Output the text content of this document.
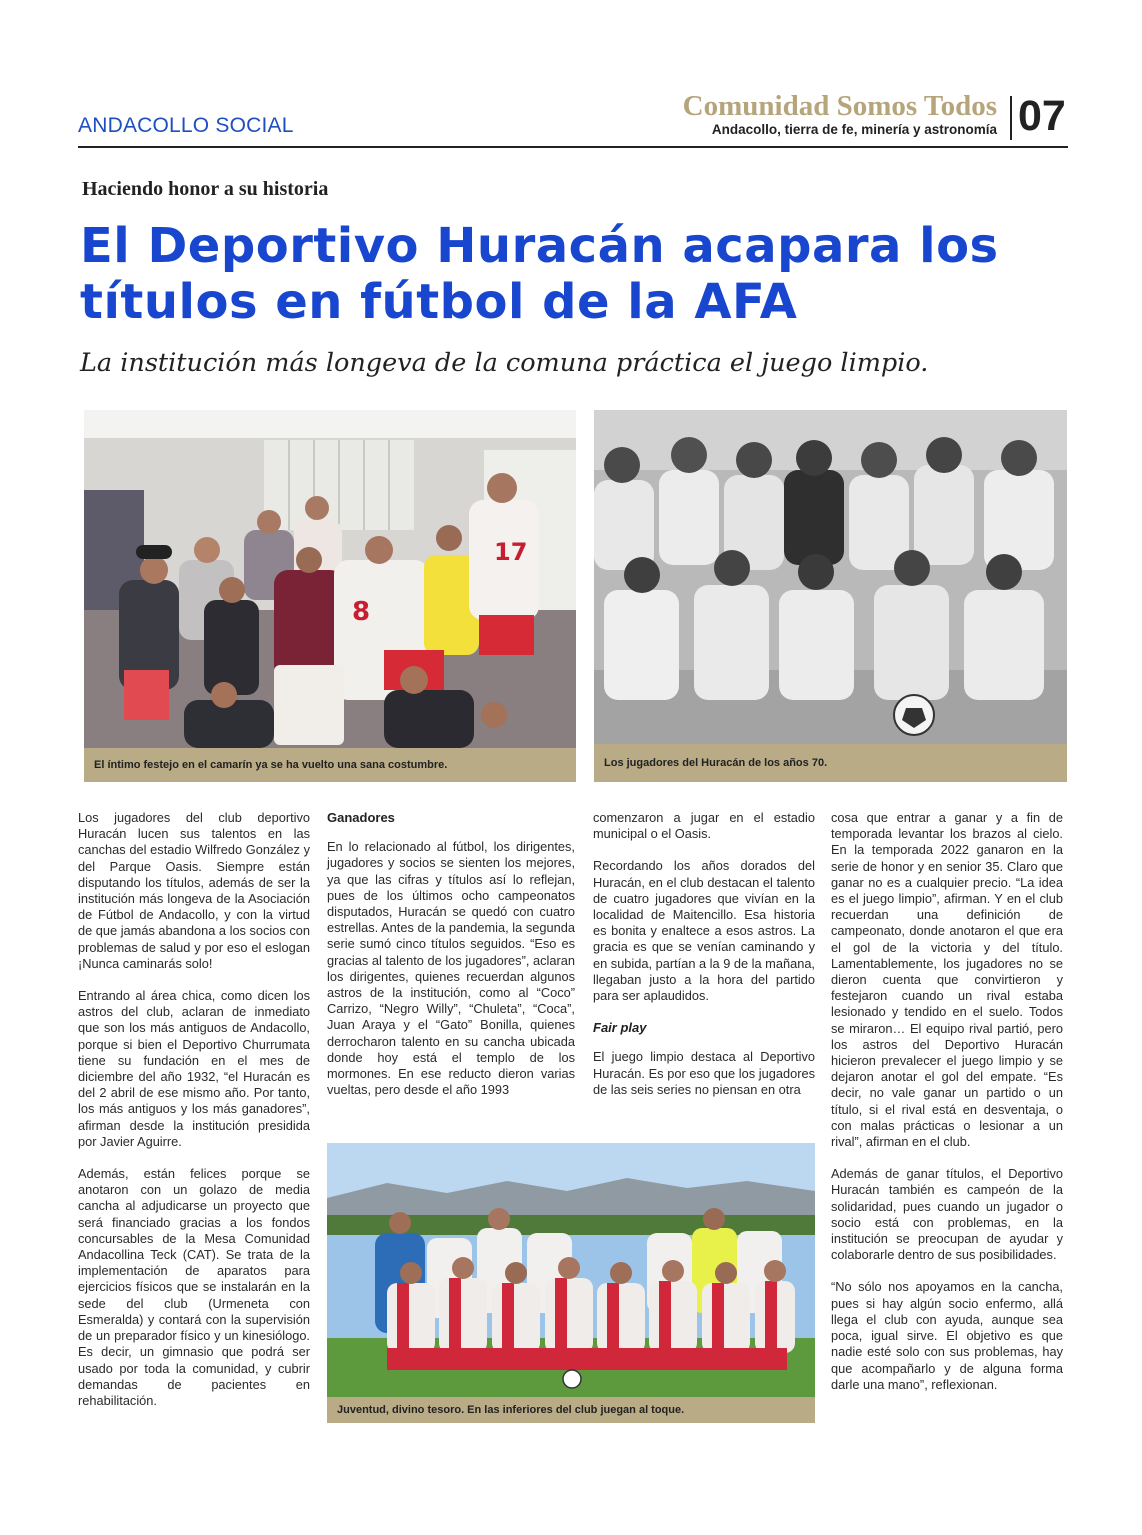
ANDACOLLO SOCIAL
Comunidad Somos Todos
Andacollo, tierra de fe, minería y astronomía 07
Haciendo honor a su historia
El Deportivo Huracán acapara los
títulos en fútbol de la AFA

La institución más longeva de la comuna práctica el juego limpio.

8
17
El íntimo festejo en el camarín ya se ha vuelto una sana costumbre.	Los jugadores del Huracán de los años 70.

Los jugadores del club deportivo Huracán lucen sus talentos en las canchas del estadio Wilfredo González y del Parque Oasis. Siempre están disputando los títulos, además de ser la institución más longeva de la Asociación de Fútbol de Andacollo, y con la virtud de que jamás abandona a los socios con problemas de salud y por eso el eslogan ¡Nunca caminarás solo!

Entrando al área chica, como dicen los astros del club, aclaran de inmediato que son los más antiguos de Andacollo, porque si bien el Deportivo Churrumata tiene su fundación en el mes de diciembre del año 1932, “el Huracán es del 2 abril de ese mismo año. Por tanto, los más antiguos y los más ganadores”, afirman desde la institución presidida por Javier Aguirre.

Además, están felices porque se anotaron con un golazo de media cancha al adjudicarse un proyecto que será financiado gracias a los fondos concursables de la Mesa Comunidad Andacollina Teck (CAT). Se trata de la implementación de aparatos para ejercicios físicos que se instalarán en la sede del club (Urmeneta con Esmeralda) y contará con la supervisión de un preparador físico y un kinesiólogo. Es decir, un gimnasio que podrá ser usado por toda la comunidad, y cubrir demandas de pacientes en rehabilitación.

Ganadores

En lo relacionado al fútbol, los dirigentes, jugadores y socios se sienten los mejores, ya que las cifras y títulos así lo reflejan, pues de los últimos ocho campeonatos disputados, Huracán se quedó con cuatro estrellas. Antes de la pandemia, la segunda serie sumó cinco títulos seguidos. “Eso es gracias al talento de los jugadores”, aclaran los dirigentes, quienes recuerdan algunos astros de la institución, como al “Coco” Carrizo, “Negro Willy”, “Chuleta”, “Coca”, Juan Araya y el “Gato” Bonilla, quienes derrocharon talento en su cancha ubicada donde hoy está el templo de los mormones. En ese reducto dieron varias vueltas, pero desde el año 1993

comenzaron a jugar en el estadio municipal o el Oasis.

Recordando los años dorados del Huracán, en el club destacan el talento de cuatro jugadores que vivían en la localidad de Maitencillo. Esa historia es bonita y enaltece a esos astros. La gracia es que se venían caminando y en subida, partían a la 9 de la mañana, llegaban justo a la hora del partido para ser aplaudidos.

Fair play

El juego limpio destaca al Deportivo Huracán. Es por eso que los jugadores de las seis series no piensan en otra

cosa que entrar a ganar y a fin de temporada levantar los brazos al cielo. En la temporada 2022 ganaron en la serie de honor y en senior 35. Claro que ganar no es a cualquier precio. “La idea es el juego limpio”, afirman. Y en el club recuerdan una definición de campeonato, donde anotaron el que era el gol de la victoria y del título. Lamentablemente, los jugadores no se dieron cuenta que convirtieron y festejaron cuando un rival estaba lesionado y tendido en el suelo. Todos se miraron… El equipo rival partió, pero los astros del Deportivo Huracán hicieron prevalecer el juego limpio y se dejaron anotar el gol del empate. “Es decir, no vale ganar un partido o un título, si el rival está en desventaja, o con malas prácticas o lesionar a un rival”, afirman en el club.

Además de ganar títulos, el Deportivo Huracán también es campeón de la solidaridad, pues cuando un jugador o socio está con problemas, en la institución se preocupan de ayudar y colaborarle dentro de sus posibilidades.

“No sólo nos apoyamos en la cancha, pues si hay algún socio enfermo, allá llega el club con ayuda, aunque sea poca, igual sirve. El objetivo es que nadie esté solo con sus problemas, hay que acompañarlo y de alguna forma darle una mano”, reflexionan.

Juventud, divino tesoro. En las inferiores del club juegan al toque.
